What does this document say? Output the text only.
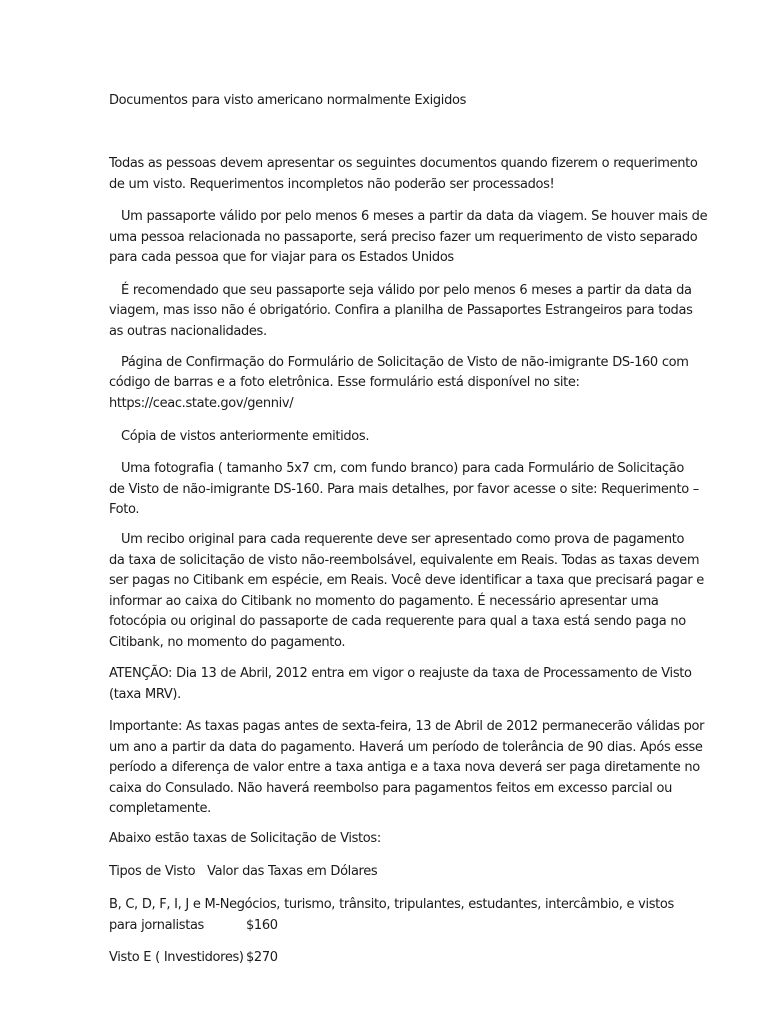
Documentos para visto americano normalmente Exigidos
Todas as pessoas devem apresentar os seguintes documentos quando fizerem o requerimento
de um visto. Requerimentos incompletos não poderão ser processados!
Um passaporte válido por pelo menos 6 meses a partir da data da viagem. Se houver mais de
uma pessoa relacionada no passaporte, será preciso fazer um requerimento de visto separado
para cada pessoa que for viajar para os Estados Unidos
É recomendado que seu passaporte seja válido por pelo menos 6 meses a partir da data da
viagem, mas isso não é obrigatório. Confira a planilha de Passaportes Estrangeiros para todas
as outras nacionalidades.
Página de Confirmação do Formulário de Solicitação de Visto de não-imigrante DS-160 com
código de barras e a foto eletrônica. Esse formulário está disponível no site:
https://ceac.state.gov/genniv/
Cópia de vistos anteriormente emitidos.
Uma fotografia ( tamanho 5x7 cm, com fundo branco) para cada Formulário de Solicitação
de Visto de não-imigrante DS-160. Para mais detalhes, por favor acesse o site: Requerimento –
Foto.
Um recibo original para cada requerente deve ser apresentado como prova de pagamento
da taxa de solicitação de visto não-reembolsável, equivalente em Reais. Todas as taxas devem
ser pagas no Citibank em espécie, em Reais. Você deve identificar a taxa que precisará pagar e
informar ao caixa do Citibank no momento do pagamento. É necessário apresentar uma
fotocópia ou original do passaporte de cada requerente para qual a taxa está sendo paga no
Citibank, no momento do pagamento.
ATENÇÃO: Dia 13 de Abril, 2012 entra em vigor o reajuste da taxa de Processamento de Visto
(taxa MRV).
Importante: As taxas pagas antes de sexta-feira, 13 de Abril de 2012 permanecerão válidas por
um ano a partir da data do pagamento. Haverá um período de tolerância de 90 dias. Após esse
período a diferença de valor entre a taxa antiga e a taxa nova deverá ser paga diretamente no
caixa do Consulado. Não haverá reembolso para pagamentos feitos em excesso parcial ou
completamente.
Abaixo estão taxas de Solicitação de Vistos:
Tipos de Visto   Valor das Taxas em Dólares
B, C, D, F, I, J e M-Negócios, turismo, trânsito, tripulantes, estudantes, intercâmbio, e vistos
para jornalistas	$160
Visto E ( Investidores) $270
